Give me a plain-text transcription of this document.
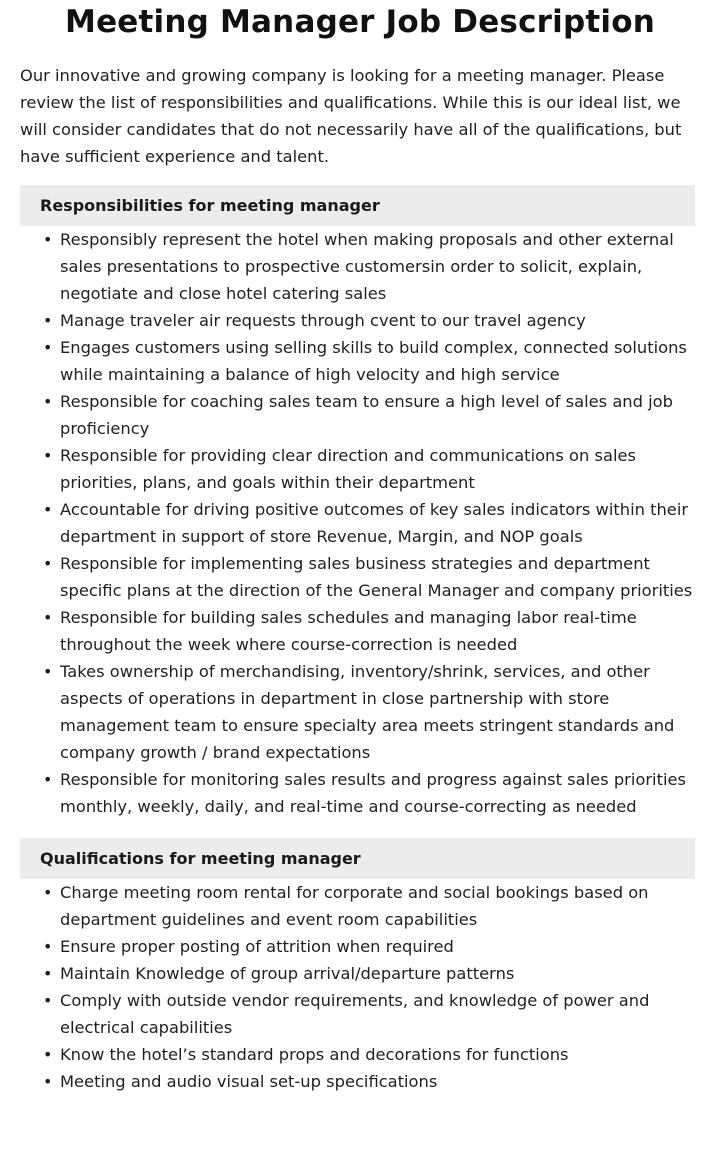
Meeting Manager Job Description

Our innovative and growing company is looking for a meeting manager. Please review the list of responsibilities and qualifications. While this is our ideal list, we will consider candidates that do not necessarily have all of the qualifications, but have sufficient experience and talent.

Responsibilities for meeting manager
• Responsibly represent the hotel when making proposals and other external sales presentations to prospective customersin order to solicit, explain, negotiate and close hotel catering sales
• Manage traveler air requests through cvent to our travel agency
• Engages customers using selling skills to build complex, connected solutions while maintaining a balance of high velocity and high service
• Responsible for coaching sales team to ensure a high level of sales and job proficiency
• Responsible for providing clear direction and communications on sales priorities, plans, and goals within their department
• Accountable for driving positive outcomes of key sales indicators within their department in support of store Revenue, Margin, and NOP goals
• Responsible for implementing sales business strategies and department specific plans at the direction of the General Manager and company priorities
• Responsible for building sales schedules and managing labor real-time throughout the week where course-correction is needed
• Takes ownership of merchandising, inventory/shrink, services, and other aspects of operations in department in close partnership with store management team to ensure specialty area meets stringent standards and company growth / brand expectations
• Responsible for monitoring sales results and progress against sales priorities monthly, weekly, daily, and real-time and course-correcting as needed
Qualifications for meeting manager
• Charge meeting room rental for corporate and social bookings based on department guidelines and event room capabilities
• Ensure proper posting of attrition when required
• Maintain Knowledge of group arrival/departure patterns
• Comply with outside vendor requirements, and knowledge of power and electrical capabilities
• Know the hotel’s standard props and decorations for functions
• Meeting and audio visual set-up specifications
